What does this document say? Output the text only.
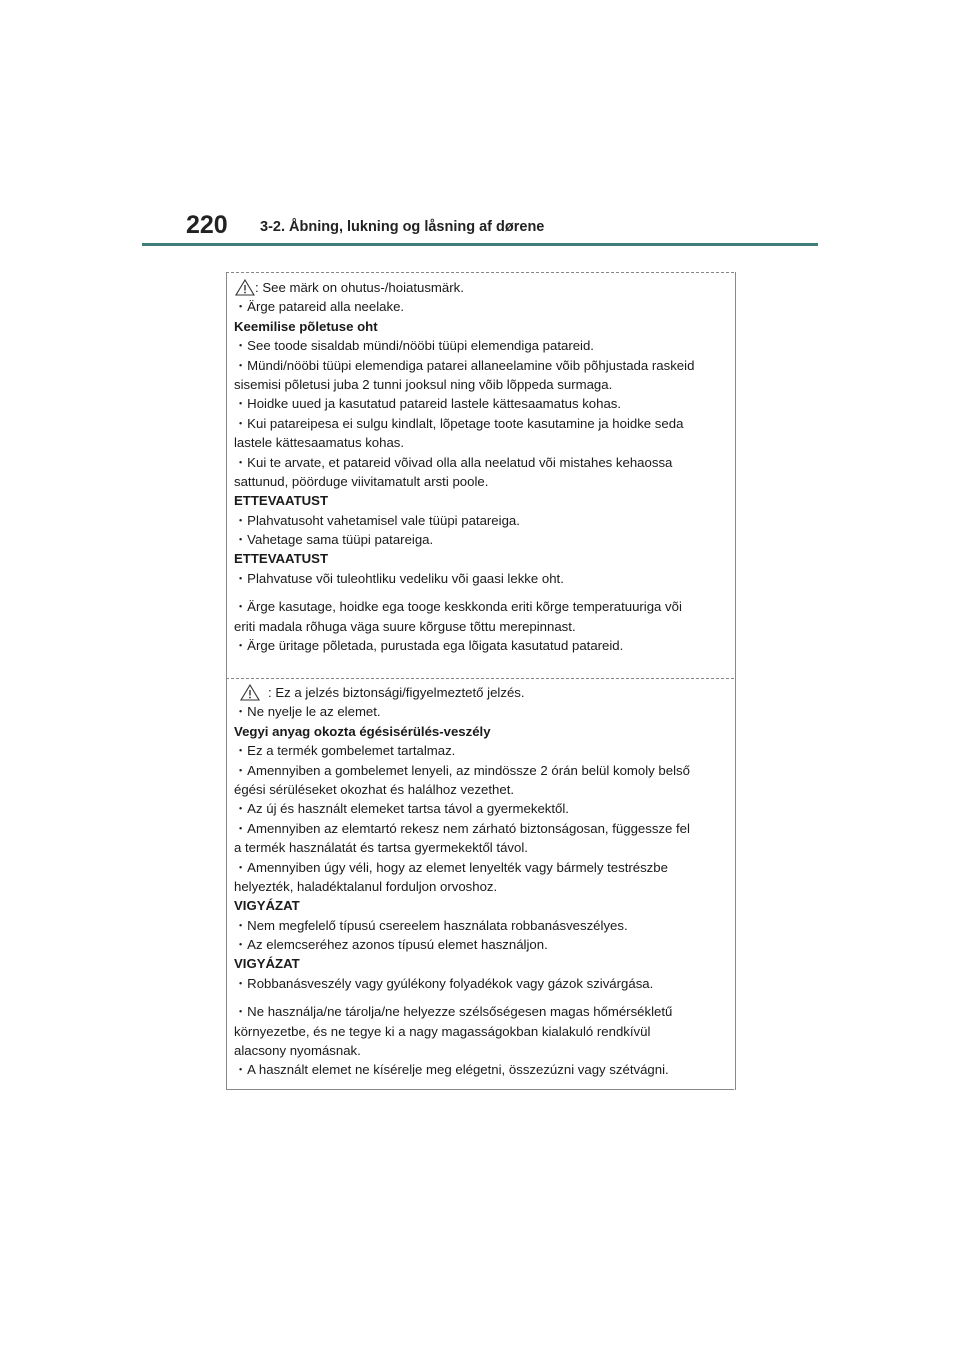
220 3-2. Åbning, lukning og låsning af dørene
: See märk on ohutus-/hoiatusmärk.
・Ärge patareid alla neelake.
Keemilise põletuse oht
・See toode sisaldab mündi/nööbi tüüpi elemendiga patareid.
・Mündi/nööbi tüüpi elemendiga patarei allaneelamine võib põhjustada raskeid
sisemisi põletusi juba 2 tunni jooksul ning võib lõppeda surmaga.
・Hoidke uued ja kasutatud patareid lastele kättesaamatus kohas.
・Kui patareipesa ei sulgu kindlalt, lõpetage toote kasutamine ja hoidke seda
lastele kättesaamatus kohas.
・Kui te arvate, et patareid võivad olla alla neelatud või mistahes kehaossa
sattunud, pöörduge viivitamatult arsti poole.
ETTEVAATUST
・Plahvatusoht vahetamisel vale tüüpi patareiga.
・Vahetage sama tüüpi patareiga.
ETTEVAATUST
・Plahvatuse või tuleohtliku vedeliku või gaasi lekke oht.
・Ärge kasutage, hoidke ega tooge keskkonda eriti kõrge temperatuuriga või
eriti madala rõhuga väga suure kõrguse tõttu merepinnast.
・Ärge üritage põletada, purustada ega lõigata kasutatud patareid.
: Ez a jelzés biztonsági/figyelmeztető jelzés.
・Ne nyelje le az elemet.
Vegyi anyag okozta égésisérülés-veszély
・Ez a termék gombelemet tartalmaz.
・Amennyiben a gombelemet lenyeli, az mindössze 2 órán belül komoly belső
égési sérüléseket okozhat és halálhoz vezethet.
・Az új és használt elemeket tartsa távol a gyermekektől.
・Amennyiben az elemtartó rekesz nem zárható biztonságosan, függessze fel
a termék használatát és tartsa gyermekektől távol.
・Amennyiben úgy véli, hogy az elemet lenyelték vagy bármely testrészbe
helyezték, haladéktalanul forduljon orvoshoz.
VIGYÁZAT
・Nem megfelelő típusú csereelem használata robbanásveszélyes.
・Az elemcseréhez azonos típusú elemet használjon.
VIGYÁZAT
・Robbanásveszély vagy gyúlékony folyadékok vagy gázok szivárgása.
・Ne használja/ne tárolja/ne helyezze szélsőségesen magas hőmérsékletű
környezetbe, és ne tegye ki a nagy magasságokban kialakuló rendkívül
alacsony nyomásnak.
・A használt elemet ne kísérelje meg elégetni, összezúzni vagy szétvágni.
